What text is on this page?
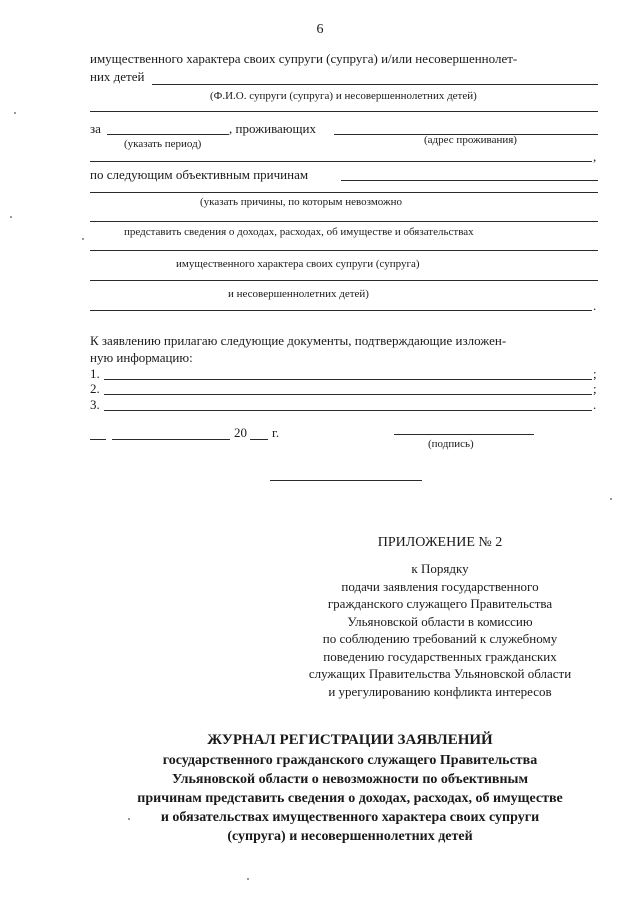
6
имущественного характера своих супруги (супруга) и/или несовершеннолет-
них детей
(Ф.И.О. супруги (супруга) и несовершеннолетних детей)
за	, проживающих
(указать период)	(адрес проживания)
,
по следующим объективным причинам
(указать причины, по которым невозможно
представить сведения о доходах, расходах, об имуществе и обязательствах
имущественного характера своих супруги (супруга)
и несовершеннолетних детей)
.
К заявлению прилагаю следующие документы, подтверждающие изложен-
ную информацию:
1.	;
2.	;
3.	.
20 г.
(подпись)
ПРИЛОЖЕНИЕ № 2
к Порядку
подачи заявления государственного
гражданского служащего Правительства
Ульяновской области в комиссию
по соблюдению требований к служебному
поведению государственных гражданских
служащих Правительства Ульяновской области
и урегулированию конфликта интересов
ЖУРНАЛ РЕГИСТРАЦИИ ЗАЯВЛЕНИЙ
государственного гражданского служащего Правительства
Ульяновской области о невозможности по объективным
причинам представить сведения о доходах, расходах, об имуществе
и обязательствах имущественного характера своих супруги
(супруга) и несовершеннолетних детей
